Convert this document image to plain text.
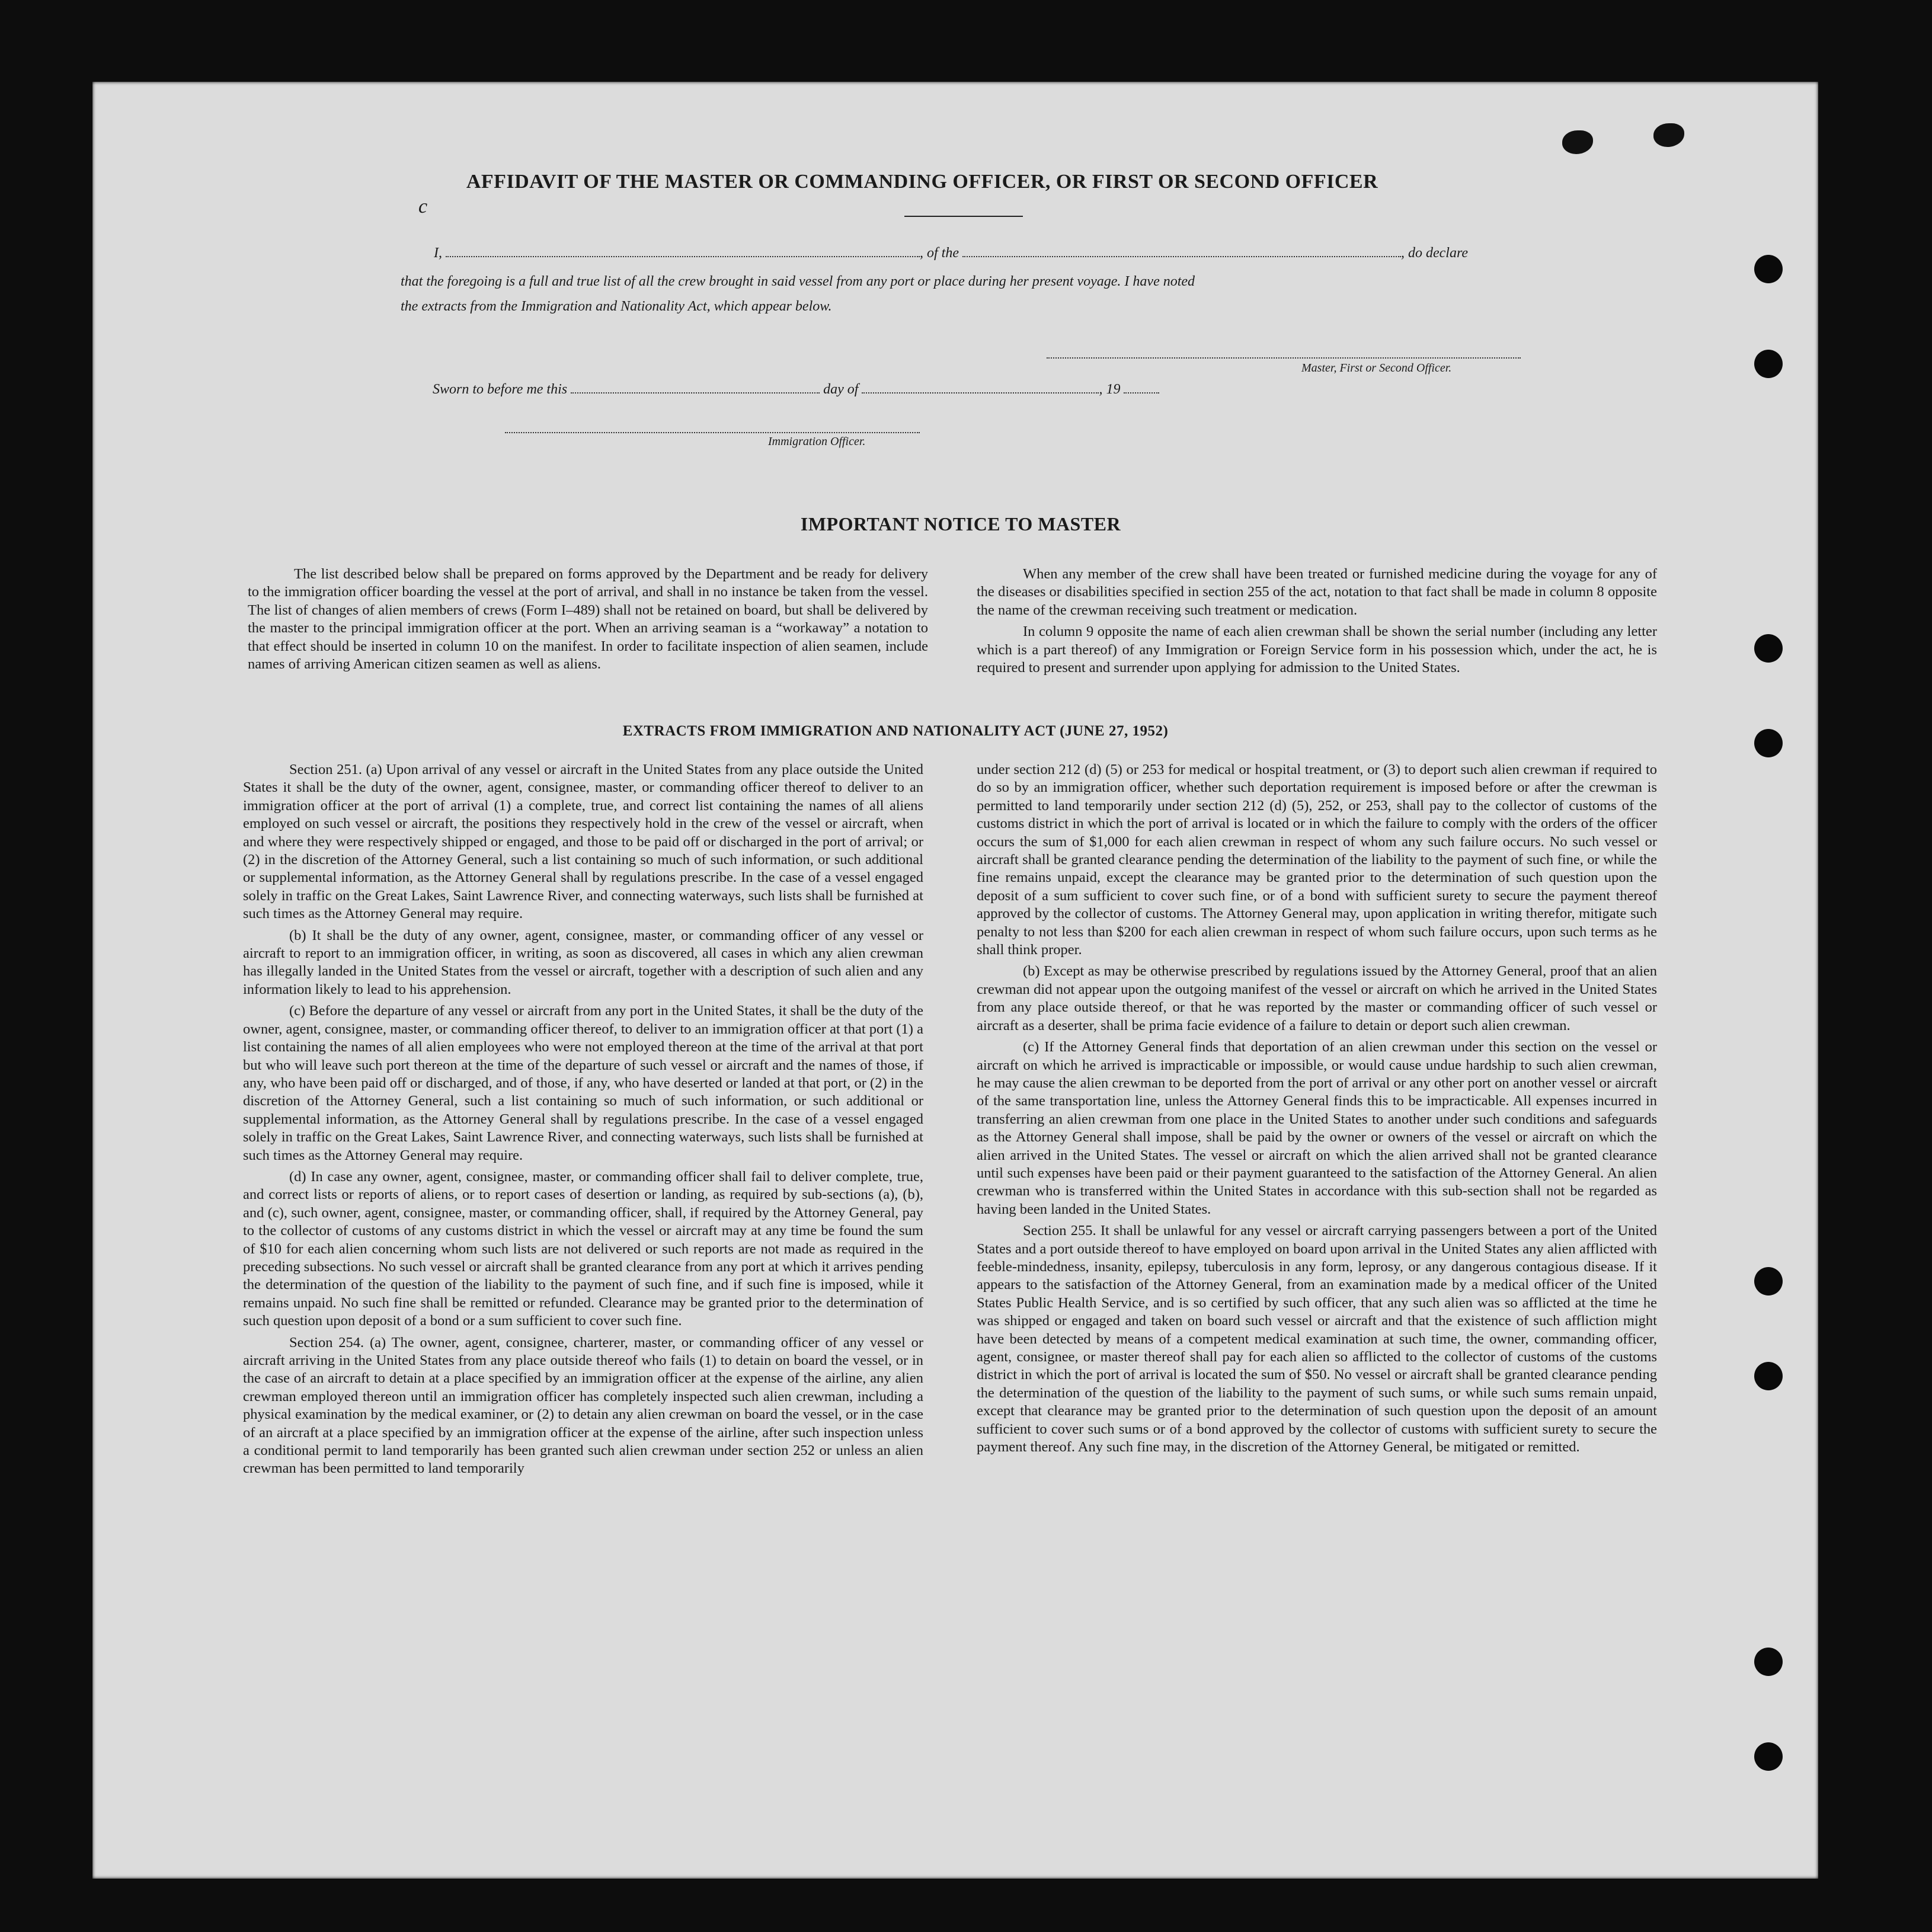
AFFIDAVIT OF THE MASTER OR COMMANDING OFFICER, OR FIRST OR SECOND OFFICER
c
I,	, of the	, do declare
that the foregoing is a full and true list of all the crew brought in said vessel from any port or place during her present voyage. I have noted
the extracts from the Immigration and Nationality Act, which appear below.
Master, First or Second Officer.
Sworn to before me this	day of	, 19
Immigration Officer.
IMPORTANT NOTICE TO MASTER

The list described below shall be prepared on forms approved by the Department and be ready for delivery to the immigration officer boarding the vessel at the port of arrival, and shall in no instance be taken from the vessel. The list of changes of alien members of crews (Form I–489) shall not be retained on board, but shall be delivered by the master to the principal immigration officer at the port. When an arriving seaman is a “workaway” a notation to that effect should be inserted in column 10 on the manifest. In order to facilitate inspection of alien seamen, include names of arriving American citizen seamen as well as aliens.

When any member of the crew shall have been treated or furnished medicine during the voyage for any of the diseases or disabilities specified in section 255 of the act, notation to that fact shall be made in column 8 opposite the name of the crewman receiving such treatment or medication.

In column 9 opposite the name of each alien crewman shall be shown the serial number (including any letter which is a part thereof) of any Immigration or Foreign Service form in his possession which, under the act, he is required to present and surrender upon applying for admission to the United States.

EXTRACTS FROM IMMIGRATION AND NATIONALITY ACT (JUNE 27, 1952)

Section 251. (a) Upon arrival of any vessel or aircraft in the United States from any place outside the United States it shall be the duty of the owner, agent, consignee, master, or commanding officer thereof to deliver to an immigration officer at the port of arrival (1) a complete, true, and correct list containing the names of all aliens employed on such vessel or aircraft, the positions they respectively hold in the crew of the vessel or aircraft, when and where they were respectively shipped or engaged, and those to be paid off or discharged in the port of arrival; or (2) in the discretion of the Attorney General, such a list containing so much of such information, or such additional or supplemental information, as the Attorney General shall by regulations prescribe. In the case of a vessel engaged solely in traffic on the Great Lakes, Saint Lawrence River, and connecting waterways, such lists shall be furnished at such times as the Attorney General may require.

(b) It shall be the duty of any owner, agent, consignee, master, or commanding officer of any vessel or aircraft to report to an immigration officer, in writing, as soon as discovered, all cases in which any alien crewman has illegally landed in the United States from the vessel or aircraft, together with a description of such alien and any information likely to lead to his apprehension.

(c) Before the departure of any vessel or aircraft from any port in the United States, it shall be the duty of the owner, agent, consignee, master, or commanding officer thereof, to deliver to an immigration officer at that port (1) a list containing the names of all alien employees who were not employed thereon at the time of the arrival at that port but who will leave such port thereon at the time of the departure of such vessel or aircraft and the names of those, if any, who have been paid off or discharged, and of those, if any, who have deserted or landed at that port, or (2) in the discretion of the Attorney General, such a list containing so much of such information, or such additional or supplemental information, as the Attorney General shall by regulations prescribe. In the case of a vessel engaged solely in traffic on the Great Lakes, Saint Lawrence River, and connecting waterways, such lists shall be furnished at such times as the Attorney General may require.

(d) In case any owner, agent, consignee, master, or commanding officer shall fail to deliver complete, true, and correct lists or reports of aliens, or to report cases of desertion or landing, as required by sub-sections (a), (b), and (c), such owner, agent, consignee, master, or commanding officer, shall, if required by the Attorney General, pay to the collector of customs of any customs district in which the vessel or aircraft may at any time be found the sum of $10 for each alien concerning whom such lists are not delivered or such reports are not made as required in the preceding subsections. No such vessel or aircraft shall be granted clearance from any port at which it arrives pending the determination of the question of the liability to the payment of such fine, and if such fine is imposed, while it remains unpaid. No such fine shall be remitted or refunded. Clearance may be granted prior to the determination of such question upon deposit of a bond or a sum sufficient to cover such fine.

Section 254. (a) The owner, agent, consignee, charterer, master, or commanding officer of any vessel or aircraft arriving in the United States from any place outside thereof who fails (1) to detain on board the vessel, or in the case of an aircraft to detain at a place specified by an immigration officer at the expense of the airline, any alien crewman employed thereon until an immigration officer has completely inspected such alien crewman, including a physical examination by the medical examiner, or (2) to detain any alien crewman on board the vessel, or in the case of an aircraft at a place specified by an immigration officer at the expense of the airline, after such inspection unless a conditional permit to land temporarily has been granted such alien crewman under section 252 or unless an alien crewman has been permitted to land temporarily

under section 212 (d) (5) or 253 for medical or hospital treatment, or (3) to deport such alien crewman if required to do so by an immigration officer, whether such deportation requirement is imposed before or after the crewman is permitted to land temporarily under section 212 (d) (5), 252, or 253, shall pay to the collector of customs of the customs district in which the port of arrival is located or in which the failure to comply with the orders of the officer occurs the sum of $1,000 for each alien crewman in respect of whom any such failure occurs. No such vessel or aircraft shall be granted clearance pending the determination of the liability to the payment of such fine, or while the fine remains unpaid, except the clearance may be granted prior to the determination of such question upon the deposit of a sum sufficient to cover such fine, or of a bond with sufficient surety to secure the payment thereof approved by the collector of customs. The Attorney General may, upon application in writing therefor, mitigate such penalty to not less than $200 for each alien crewman in respect of whom such failure occurs, upon such terms as he shall think proper.

(b) Except as may be otherwise prescribed by regulations issued by the Attorney General, proof that an alien crewman did not appear upon the outgoing manifest of the vessel or aircraft on which he arrived in the United States from any place outside thereof, or that he was reported by the master or commanding officer of such vessel or aircraft as a deserter, shall be prima facie evidence of a failure to detain or deport such alien crewman.

(c) If the Attorney General finds that deportation of an alien crewman under this section on the vessel or aircraft on which he arrived is impracticable or impossible, or would cause undue hardship to such alien crewman, he may cause the alien crewman to be deported from the port of arrival or any other port on another vessel or aircraft of the same transportation line, unless the Attorney General finds this to be impracticable. All expenses incurred in transferring an alien crewman from one place in the United States to another under such conditions and safeguards as the Attorney General shall impose, shall be paid by the owner or owners of the vessel or aircraft on which the alien arrived in the United States. The vessel or aircraft on which the alien arrived shall not be granted clearance until such expenses have been paid or their payment guaranteed to the satisfaction of the Attorney General. An alien crewman who is transferred within the United States in accordance with this sub-section shall not be regarded as having been landed in the United States.

Section 255. It shall be unlawful for any vessel or aircraft carrying passengers between a port of the United States and a port outside thereof to have employed on board upon arrival in the United States any alien afflicted with feeble-mindedness, insanity, epilepsy, tuberculosis in any form, leprosy, or any dangerous contagious disease. If it appears to the satisfaction of the Attorney General, from an examination made by a medical officer of the United States Public Health Service, and is so certified by such officer, that any such alien was so afflicted at the time he was shipped or engaged and taken on board such vessel or aircraft and that the existence of such affliction might have been detected by means of a competent medical examination at such time, the owner, commanding officer, agent, consignee, or master thereof shall pay for each alien so afflicted to the collector of customs of the customs district in which the port of arrival is located the sum of $50. No vessel or aircraft shall be granted clearance pending the determination of the question of the liability to the payment of such sums, or while such sums remain unpaid, except that clearance may be granted prior to the determination of such question upon the deposit of an amount sufficient to cover such sums or of a bond approved by the collector of customs with sufficient surety to secure the payment thereof. Any such fine may, in the discretion of the Attorney General, be mitigated or remitted.
